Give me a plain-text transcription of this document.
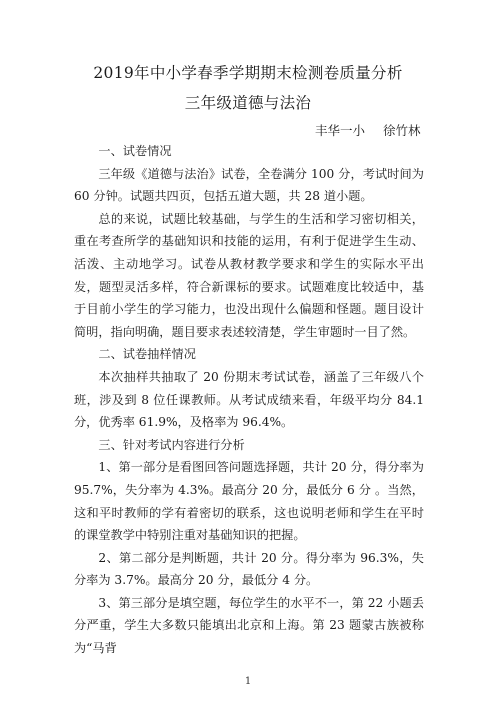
2019年中小学春季学期期末检测卷质量分析
三年级道德与法治
丰华一小 徐竹林

一、试卷情况

三年级《道德与法治》试卷，全卷满分 100 分，考试时间为 60 分钟。试题共四页，包括五道大题，共 28 道小题。

总的来说，试题比较基础，与学生的生活和学习密切相关，重在考查所学的基础知识和技能的运用，有利于促进学生生动、活泼、主动地学习。试卷从教材教学要求和学生的实际水平出发，题型灵活多样，符合新课标的要求。试题难度比较适中，基于目前小学生的学习能力，也没出现什么偏题和怪题。题目设计简明，指向明确，题目要求表述较清楚，学生审题时一目了然。

二、试卷抽样情况

本次抽样共抽取了 20 份期末考试试卷，涵盖了三年级八个班，涉及到 8 位任课教师。从考试成绩来看，年级平均分 84.1 分，优秀率 61.9%，及格率为 96.4%。

三、针对考试内容进行分析

1、第一部分是看图回答问题选择题，共计 20 分，得分率为 95.7%，失分率为 4.3%。最高分 20 分，最低分 6 分 。当然，这和平时教师的学有着密切的联系，这也说明老师和学生在平时的课堂教学中特别注重对基础知识的把握。

2、第二部分是判断题，共计 20 分。得分率为 96.3%，失分率为 3.7%。最高分 20 分，最低分 4 分。

3、第三部分是填空题，每位学生的水平不一，第 22 小题丢分严重，学生大多数只能填出北京和上海。第 23 题蒙古族被称为“马背

1
